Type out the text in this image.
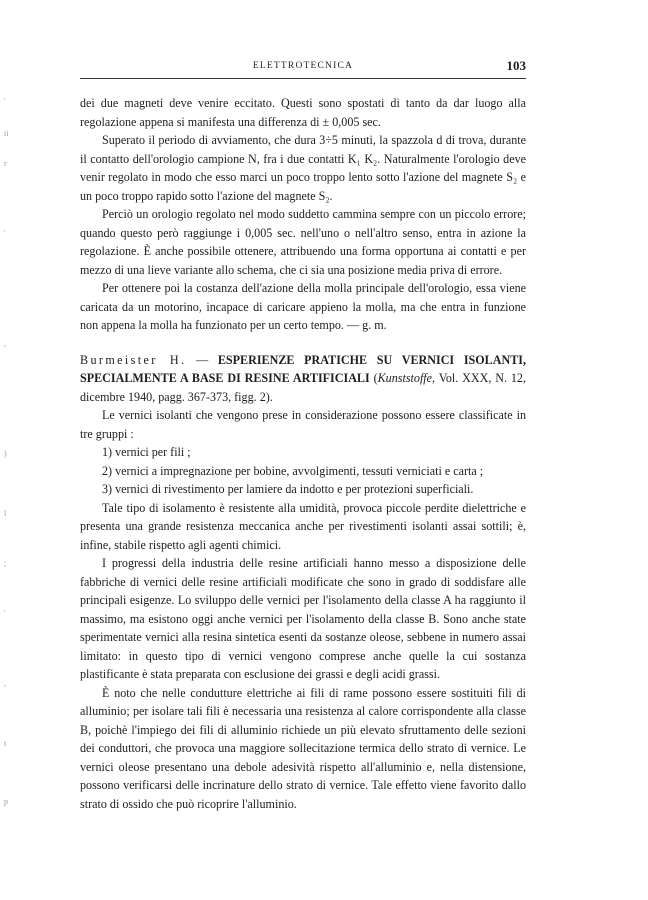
ELETTROTECNICA	103
'
ii
r
'
,
)
l
;
'
,
t
p

dei due magneti deve venire eccitato. Questi sono spostati di tanto da dar luogo alla regolazione appena si manifesta una differenza di ± 0,005 sec.

Superato il periodo di avviamento, che dura 3÷5 minuti, la spazzola d di trova, durante il contatto dell'orologio campione N, fra i due contatti K₁ K₂. Naturalmente l'orologio deve venir regolato in modo che esso marci un poco troppo lento sotto l'azione del magnete S₂ e un poco troppo rapido sotto l'azione del magnete S₂.

Perciò un orologio regolato nel modo suddetto cammina sempre con un piccolo errore; quando questo però raggiunge i 0,005 sec. nell'uno o nell'altro senso, entra in azione la regolazione. È anche possibile ottenere, attribuendo una forma opportuna ai contatti e per mezzo di una lieve variante allo schema, che ci sia una posizione media priva di errore.

Per ottenere poi la costanza dell'azione della molla principale dell'orologio, essa viene caricata da un motorino, incapace di caricare appieno la molla, ma che entra in funzione non appena la molla ha funzionato per un certo tempo. — g. m.

Burmeister H. — ESPERIENZE PRATICHE SU VERNICI ISOLANTI, SPECIALMENTE A BASE DI RESINE ARTIFICIALI (Kunststoffe, Vol. XXX, N. 12, dicembre 1940, pagg. 367-373, figg. 2).

Le vernici isolanti che vengono prese in considerazione possono essere classificate in tre gruppi :

1) vernici per fili ;

2) vernici a impregnazione per bobine, avvolgimenti, tessuti verniciati e carta ;

3) vernici di rivestimento per lamiere da indotto e per protezioni superficiali.

Tale tipo di isolamento è resistente alla umidità, provoca piccole perdite dielettriche e presenta una grande resistenza meccanica anche per rivestimenti isolanti assai sottili; è, infine, stabile rispetto agli agenti chimici.

I progressi della industria delle resine artificiali hanno messo a disposizione delle fabbriche di vernici delle resine artificiali modificate che sono in grado di soddisfare alle principali esigenze. Lo sviluppo delle vernici per l'isolamento della classe A ha raggiunto il massimo, ma esistono oggi anche vernici per l'isolamento della classe B. Sono anche state sperimentate vernici alla resina sintetica esenti da sostanze oleose, sebbene in numero assai limitato: in questo tipo di vernici vengono comprese anche quelle la cui sostanza plastificante è stata preparata con esclusione dei grassi e degli acidi grassi.

È noto che nelle condutture elettriche ai fili di rame possono essere sostituiti fili di alluminio; per isolare tali fili è necessaria una resistenza al calore corrispondente alla classe B, poichè l'impiego dei fili di alluminio richiede un più elevato sfruttamento delle sezioni dei conduttori, che provoca una maggiore sollecitazione termica dello strato di vernice. Le vernici oleose presentano una debole adesività rispetto all'alluminio e, nella distensione, possono verificarsi delle incrinature dello strato di vernice. Tale effetto viene favorito dallo strato di ossido che può ricoprire l'alluminio.
